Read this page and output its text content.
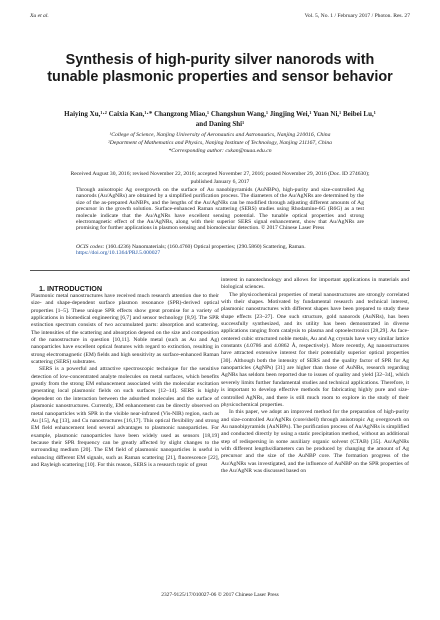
Xu et al.	Vol. 5, No. 1 / February 2017 / Photon. Res. 27
Synthesis of high-purity silver nanorods with tunable plasmonic properties and sensor behavior
Haiying Xu,¹·² Caixia Kan,¹·* Changzong Miao,¹ Changshun Wang,¹ Jingjing Wei,¹ Yuan Ni,¹ Beibei Lu,¹ and Daning Shi¹
¹College of Science, Nanjing University of Aeronautics and Astronautics, Nanjing 210016, China
²Department of Mathematics and Physics, Nanjing Institute of Technology, Nanjing 211167, China
*Corresponding author: cxkan@nuaa.edu.cn
Received August 30, 2016; revised November 22, 2016; accepted November 27, 2016; posted November 29, 2016 (Doc. ID 274630); published January 6, 2017
Through anisotropic Ag overgrowth on the surface of Au nanobipyramids (AuNBPs), high-purity and size-controlled Ag nanorods (Au/AgNRs) are obtained by a simplified purification process. The diameters of the Au/AgNRs are determined by the size of the as-prepared AuNBPs, and the lengths of the Au/AgNRs can be modified through adjusting different amounts of Ag precursor in the growth solution. Surface-enhanced Raman scattering (SERS) studies using Rhodamine-6G (R6G) as a test molecule indicate that the Au/AgNRs have excellent sensing potential. The tunable optical properties and strong electromagnetic effect of the Au/AgNRs, along with their superior SERS signal enhancement, show that Au/AgNRs are promising for further applications in plasmon sensing and biomolecular detection. © 2017 Chinese Laser Press
OCIS codes: (160.4236) Nanomaterials; (160.4760) Optical properties; (290.5860) Scattering, Raman.
https://doi.org/10.1364/PRJ.5.000027

1. INTRODUCTION

Plasmonic metal nanostructures have received much research attention due to their size- and shape-dependent surface plasmon resonance (SPR)-derived optical properties [1–5]. These unique SPR effects show great promise for a variety of applications in biomedical engineering [6,7] and sensor technology [8,9]. The SPR extinction spectrum consists of two accumulated parts: absorption and scattering. The intensities of the scattering and absorption depend on the size and composition of the nanostructure in question [10,11]. Noble metal (such as Au and Ag) nanoparticles have excellent optical features with regard to extinction, resulting in strong electromagnetic (EM) fields and high sensitivity as surface-enhanced Raman scattering (SERS) substrates.

SERS is a powerful and attractive spectroscopic technique for the sensitive detection of low-concentrated analyte molecules on metal surfaces, which benefits greatly from the strong EM enhancement associated with the molecular excitation generating local plasmonic fields on such surfaces [12–14]. SERS is highly dependent on the interaction between the adsorbed molecules and the surface of plasmonic nanostructures. Currently, EM enhancement can be directly observed on metal nanoparticles with SPR in the visible near-infrared (Vis-NIR) region, such as Au [15], Ag [13], and Cu nanostructures [16,17]. This optical flexibility and strong EM field enhancement lend several advantages to plasmonic nanoparticles. For example, plasmonic nanoparticles have been widely used as sensors [18,19] because their SPR frequency can be greatly affected by slight changes to the surrounding medium [20]. The EM field of plasmonic nanoparticles is useful in enhancing different EM signals, such as Raman scattering [21], fluorescence [22], and Rayleigh scattering [10]. For this reason, SERS is a research topic of great

interest in nanotechnology and allows for important applications in materials and biological sciences.

The physicochemical properties of metal nanostructures are strongly correlated with their shapes. Motivated by fundamental research and technical interest, plasmonic nanostructures with different shapes have been prepared to study these shape effects [23–27]. One such structure, gold nanorods (AuNRs), has been successfully synthesized, and its utility has been demonstrated in diverse applications ranging from catalysis to plasma and optoelectronics [28,29]. As face-centered cubic structured noble metals, Au and Ag crystals have very similar lattice constants (4.0786 and 4.0862 Å, respectively). More recently, Ag nanostructures have attracted extensive interest for their potentially superior optical properties [30]. Although both the intensity of SERS and the quality factor of SPR for Ag nanoparticles (AgNPs) [31] are higher than those of AuNRs, research regarding AgNRs has seldom been reported due to issues of quality and yield [32–34], which severely limits further fundamental studies and technical applications. Therefore, it is important to develop effective methods for fabricating highly pure and size-controlled AgNRs, and there is still much room to explore in the study of their physicochemical properties.

In this paper, we adopt an improved method for the preparation of high-purity and size-controlled Au/AgNRs (core/shell) through anisotropic Ag overgrowth on Au nanobipyramids (AuNBPs). The purification process of Au/AgNRs is simplified and conducted directly by using a static precipitation method, without an additional step of redispersing in some auxiliary organic solvent (CTAB) [35]. Au/AgNRs with different lengths/diameters can be produced by changing the amount of Ag precursor and the size of the AuNBP core. The formation progress of the Au/AgNRs was investigated, and the influence of AuNBP on the SPR properties of the Au/AgNR was discussed based on

2327-9125/17/010027-06 © 2017 Chinese Laser Press
